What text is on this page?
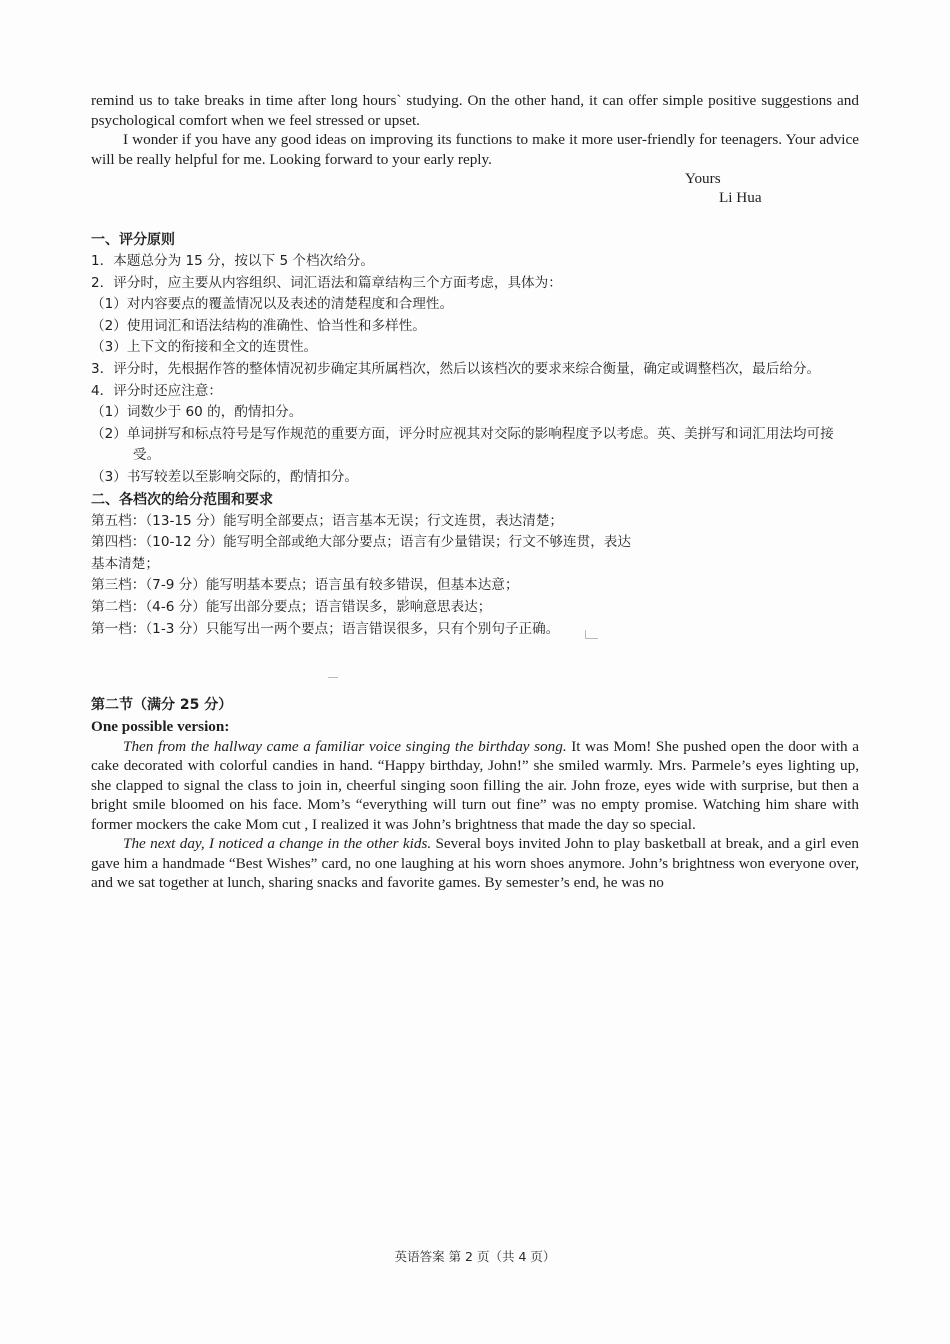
remind us to take breaks in time after long hours` studying. On the other hand, it can offer simple positive suggestions and psychological comfort when we feel stressed or upset.

I wonder if you have any good ideas on improving its functions to make it more user-friendly for teenagers. Your advice will be really helpful for me. Looking forward to your early reply.

Yours
Li Hua

一、评分原则

1．本题总分为 15 分，按以下 5 个档次给分。

2．评分时，应主要从内容组织、词汇语法和篇章结构三个方面考虑，具体为：

（1）对内容要点的覆盖情况以及表述的清楚程度和合理性。

（2）使用词汇和语法结构的准确性、恰当性和多样性。

（3）上下文的衔接和全文的连贯性。

3．评分时，先根据作答的整体情况初步确定其所属档次，然后以该档次的要求来综合衡量，确定或调整档次，最后给分。

4．评分时还应注意：

（1）词数少于 60 的，酌情扣分。

（2）单词拼写和标点符号是写作规范的重要方面，评分时应视其对交际的影响程度予以考虑。英、美拼写和词汇用法均可接受。

（3）书写较差以至影响交际的，酌情扣分。

二、各档次的给分范围和要求

第五档：（13-15 分）能写明全部要点；语言基本无误；行文连贯，表达清楚；

第四档：（10-12 分）能写明全部或绝大部分要点；语言有少量错误；行文不够连贯，表达

基本清楚；

第三档：（7-9 分）能写明基本要点；语言虽有较多错误，但基本达意；

第二档：（4-6 分）能写出部分要点；语言错误多，影响意思表达；

第一档：（1-3 分）只能写出一两个要点；语言错误很多，只有个别句子正确。

第二节（满分 25 分）

One possible version:

Then from the hallway came a familiar voice singing the birthday song. It was Mom! She pushed open the door with a cake decorated with colorful candies in hand. “Happy birthday, John!” she smiled warmly. Mrs. Parmele’s eyes lighting up, she clapped to signal the class to join in, cheerful singing soon filling the air. John froze, eyes wide with surprise, but then a bright smile bloomed on his face. Mom’s “everything will turn out fine” was no empty promise. Watching him share with former mockers the cake Mom cut , I realized it was John’s brightness that made the day so special.

The next day, I noticed a change in the other kids. Several boys invited John to play basketball at break, and a girl even gave him a handmade “Best Wishes” card, no one laughing at his worn shoes anymore. John’s brightness won everyone over, and we sat together at lunch, sharing snacks and favorite games. By semester’s end, he was no

英语答案 第 2 页（共 4 页）
